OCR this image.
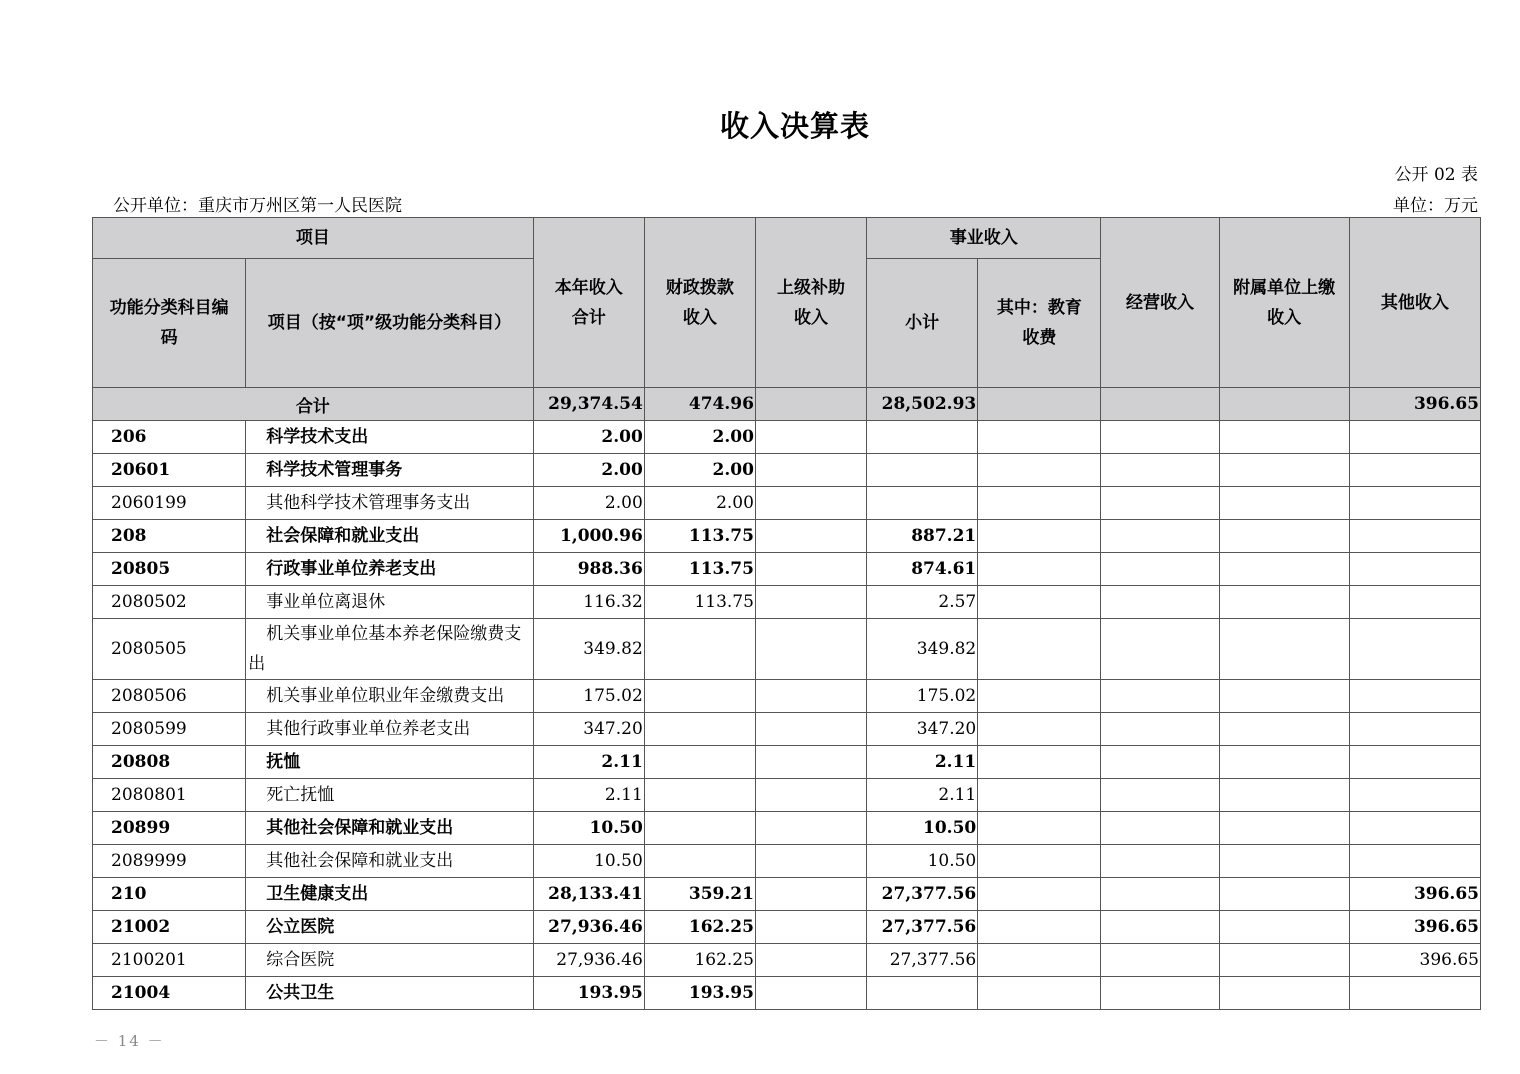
收入决算表
公开 02 表
公开单位：重庆市万州区第一人民医院	单位：万元
项目		本年收入合计	财政拨款收入	上级补助收入	事业收入		经营收入	附属单位上缴收入	其他收入
功能分类科目编码	项目（按“项”级功能分类科目）				小计	其中：教育收费			
合计		29,374.54	474.96		28,502.93				396.65
206	科学技术支出	2.00	2.00						
20601	科学技术管理事务	2.00	2.00						
2060199	其他科学技术管理事务支出	2.00	2.00						
208	社会保障和就业支出	1,000.96	113.75		887.21				
20805	行政事业单位养老支出	988.36	113.75		874.61				
2080502	事业单位离退休	116.32	113.75		2.57				
2080505	机关事业单位基本养老保险缴费支出	349.82			349.82				
2080506	机关事业单位职业年金缴费支出	175.02			175.02				
2080599	其他行政事业单位养老支出	347.20			347.20				
20808	抚恤	2.11			2.11				
2080801	死亡抚恤	2.11			2.11				
20899	其他社会保障和就业支出	10.50			10.50				
2089999	其他社会保障和就业支出	10.50			10.50				
210	卫生健康支出	28,133.41	359.21		27,377.56				396.65
21002	公立医院	27,936.46	162.25		27,377.56				396.65
2100201	综合医院	27,936.46	162.25		27,377.56				396.65
21004	公共卫生	193.95	193.95						
－ 14 －
